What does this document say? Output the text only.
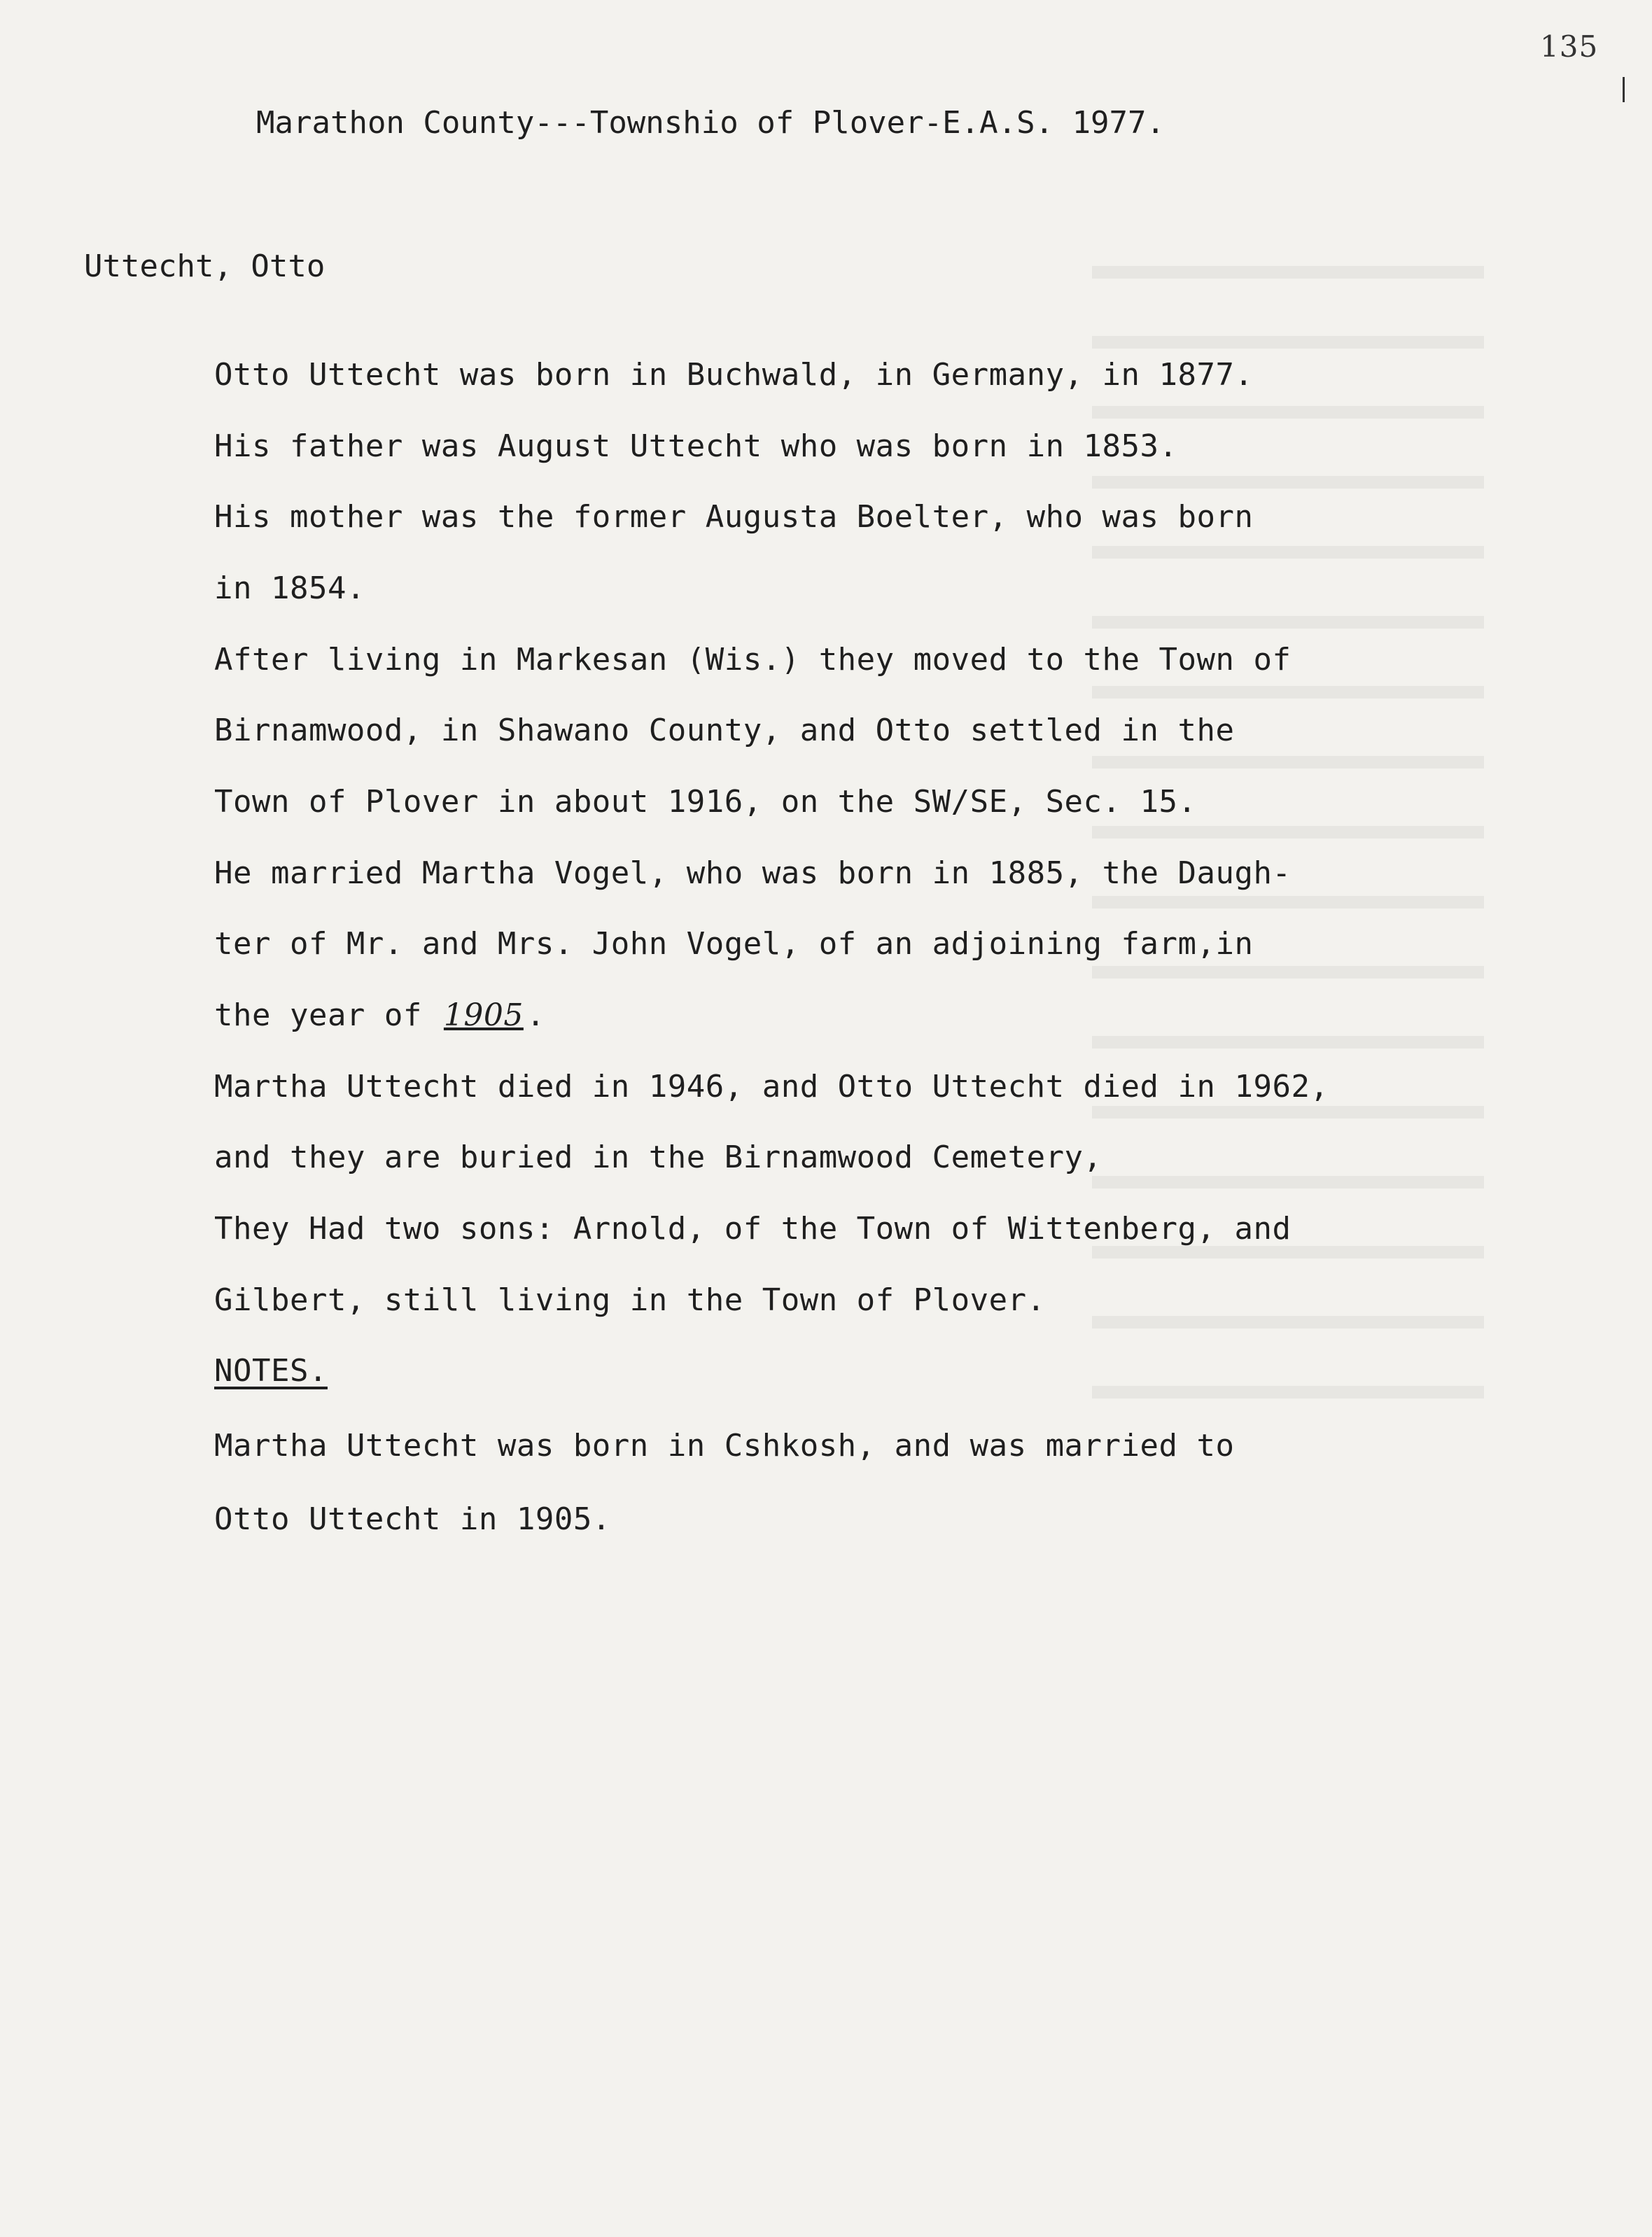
135
Marathon County---Townshio of Plover-E.A.S. 1977.
Uttecht, Otto
Otto Uttecht was born in Buchwald, in Germany, in 1877.
His father was August Uttecht who was born in 1853.
His mother was the former Augusta Boelter, who was born
in 1854.
After living in Markesan (Wis.) they moved to the Town of
Birnamwood, in Shawano County, and Otto settled in the
Town of Plover in about 1916, on the SW/SE, Sec. 15.
He married Martha Vogel, who was born in 1885, the Daugh-
ter of Mr. and Mrs. John Vogel, of an adjoining farm,in
the year of 1905.
Martha Uttecht died in 1946, and Otto Uttecht died in 1962,
and they are buried in the Birnamwood Cemetery,
They Had two sons: Arnold, of the Town of Wittenberg, and
Gilbert, still living in the Town of Plover.
NOTES.
Martha Uttecht was born in Cshkosh, and was married to
Otto Uttecht in 1905.
